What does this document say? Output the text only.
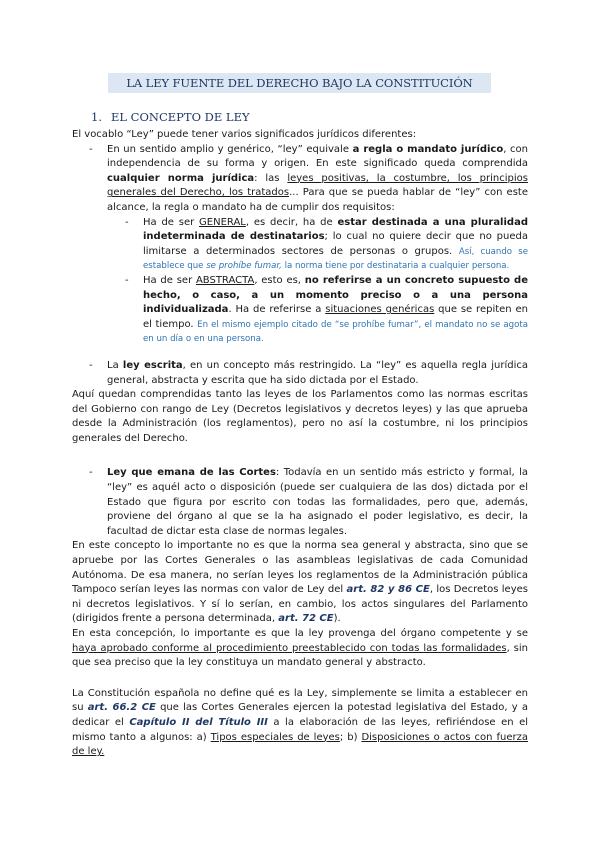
LA LEY FUENTE DEL DERECHO BAJO LA CONSTITUCIÓN
1. EL CONCEPTO DE LEY

El vocablo “Ley” puede tener varios significados jurídicos diferentes:

- En un sentido amplio y genérico, “ley” equivale a regla o mandato jurídico, con independencia de su forma y origen. En este significado queda comprendida cualquier norma jurídica: las leyes positivas, la costumbre, los principios generales del Derecho, los tratados... Para que se pueda hablar de “ley” con este alcance, la regla o mandato ha de cumplir dos requisitos:
- Ha de ser GENERAL, es decir, ha de estar destinada a una pluralidad indeterminada de destinatarios; lo cual no quiere decir que no pueda limitarse a determinados sectores de personas o grupos. Así, cuando se establece que se prohíbe fumar, la norma tiene por destinataria a cualquier persona.
- Ha de ser ABSTRACTA, esto es, no referirse a un concreto supuesto de hecho, o caso, a un momento preciso o a una persona individualizada. Ha de referirse a situaciones genéricas que se repiten en el tiempo. En el mismo ejemplo citado de “se prohíbe fumar”, el mandato no se agota en un día o en una persona.
- La ley escrita, en un concepto más restringido. La “ley” es aquella regla jurídica general, abstracta y escrita que ha sido dictada por el Estado.

Aquí quedan comprendidas tanto las leyes de los Parlamentos como las normas escritas del Gobierno con rango de Ley (Decretos legislativos y decretos leyes) y las que aprueba desde la Administración (los reglamentos), pero no así la costumbre, ni los principios generales del Derecho.

- Ley que emana de las Cortes: Todavía en un sentido más estricto y formal, la “ley” es aquél acto o disposición (puede ser cualquiera de las dos) dictada por el Estado que figura por escrito con todas las formalidades, pero que, además, proviene del órgano al que se la ha asignado el poder legislativo, es decir, la facultad de dictar esta clase de normas legales.

En este concepto lo importante no es que la norma sea general y abstracta, sino que se apruebe por las Cortes Generales o las asambleas legislativas de cada Comunidad Autónoma. De esa manera, no serían leyes los reglamentos de la Administración pública Tampoco serían leyes las normas con valor de Ley del art. 82 y 86 CE, los Decretos leyes ni decretos legislativos. Y sí lo serían, en cambio, los actos singulares del Parlamento (dirigidos frente a persona determinada, art. 72 CE).

En esta concepción, lo importante es que la ley provenga del órgano competente y se haya aprobado conforme al procedimiento preestablecido con todas las formalidades, sin que sea preciso que la ley constituya un mandato general y abstracto.

La Constitución española no define qué es la Ley, simplemente se limita a establecer en su art. 66.2 CE que las Cortes Generales ejercen la potestad legislativa del Estado, y a dedicar el Capítulo II del Título III a la elaboración de las leyes, refiriéndose en el mismo tanto a algunos: a) Tipos especiales de leyes; b) Disposiciones o actos con fuerza de ley.
